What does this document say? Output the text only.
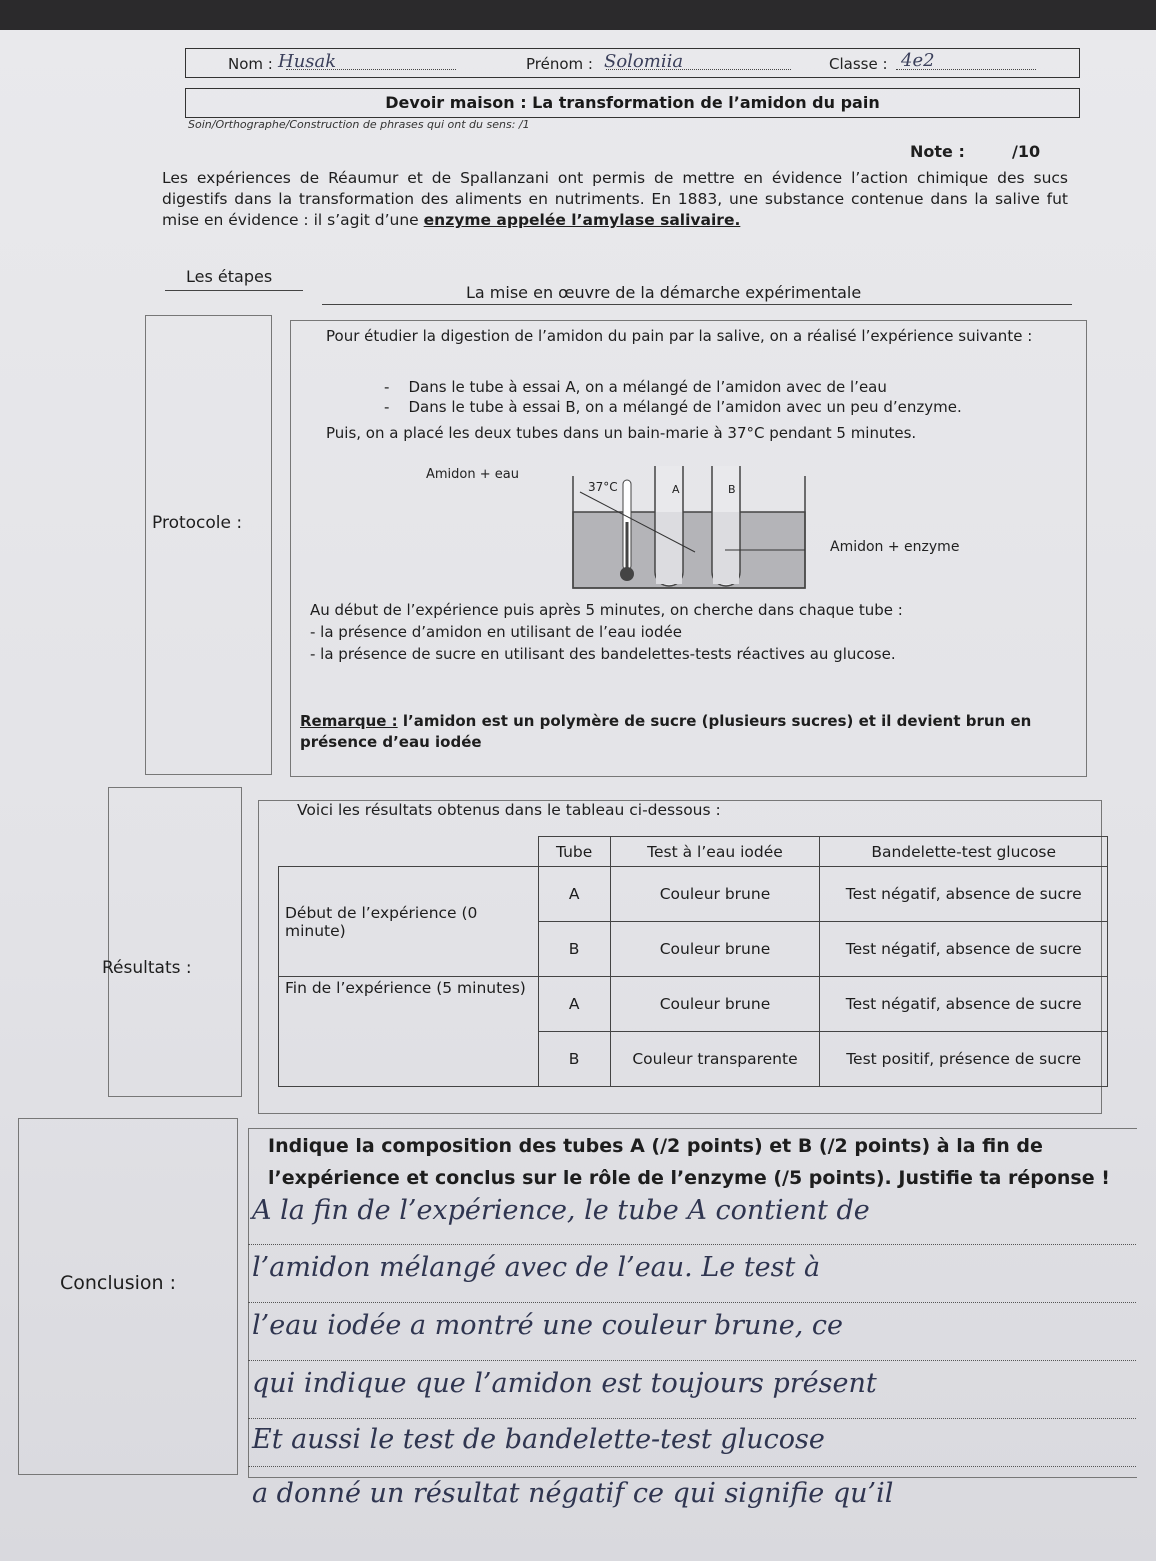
Nom : Husak	Prénom : Solomiia	Classe : 4e2
Devoir maison : La transformation de l’amidon du pain
Soin/Orthographe/Construction de phrases qui ont du sens: /1
Note :	/10
Les expériences de Réaumur et de Spallanzani ont permis de mettre en évidence l’action chimique des sucs digestifs dans la transformation des aliments en nutriments. En 1883, une substance contenue dans la salive fut mise en évidence : il s’agit d’une enzyme appelée l’amylase salivaire.
Les étapes
La mise en œuvre de la démarche expérimentale
Protocole :
Pour étudier la digestion de l’amidon du pain par la salive, on a réalisé l’expérience suivante :
-    Dans le tube à essai A, on a mélangé de l’amidon avec de l’eau
-    Dans le tube à essai B, on a mélangé de l’amidon avec un peu d’enzyme.
Puis, on a placé les deux tubes dans un bain-marie à 37°C pendant 5 minutes.
Amidon + eau
37°C	A	B
Amidon + enzyme
Au début de l’expérience puis après 5 minutes, on cherche dans chaque tube :
- la présence d’amidon en utilisant de l’eau iodée
- la présence de sucre en utilisant des bandelettes-tests réactives au glucose.
Remarque : l’amidon est un polymère de sucre (plusieurs sucres) et il devient brun en présence d’eau iodée
Résultats :
Voici les résultats obtenus dans le tableau ci-dessous :
	Tube	Test à l’eau iodée	Bandelette-test glucose
Début de l’expérience (0 minute)	A	Couleur brune	Test négatif, absence de sucre
	B	Couleur brune	Test négatif, absence de sucre
Fin de l’expérience (5 minutes)	A	Couleur brune	Test négatif, absence de sucre
	B	Couleur transparente	Test positif, présence de sucre
Conclusion :
Indique la composition des tubes A (/2 points) et B (/2 points) à la fin de l’expérience et conclus sur le rôle de l’enzyme (/5 points). Justifie ta réponse !
A la fin de l’expérience, le tube A contient de
l’amidon mélangé avec de l’eau. Le test à
l’eau iodée a montré une couleur brune, ce
qui indique que l’amidon est toujours présent
Et aussi le test de bandelette-test glucose
a donné un résultat négatif ce qui signifie qu’il
